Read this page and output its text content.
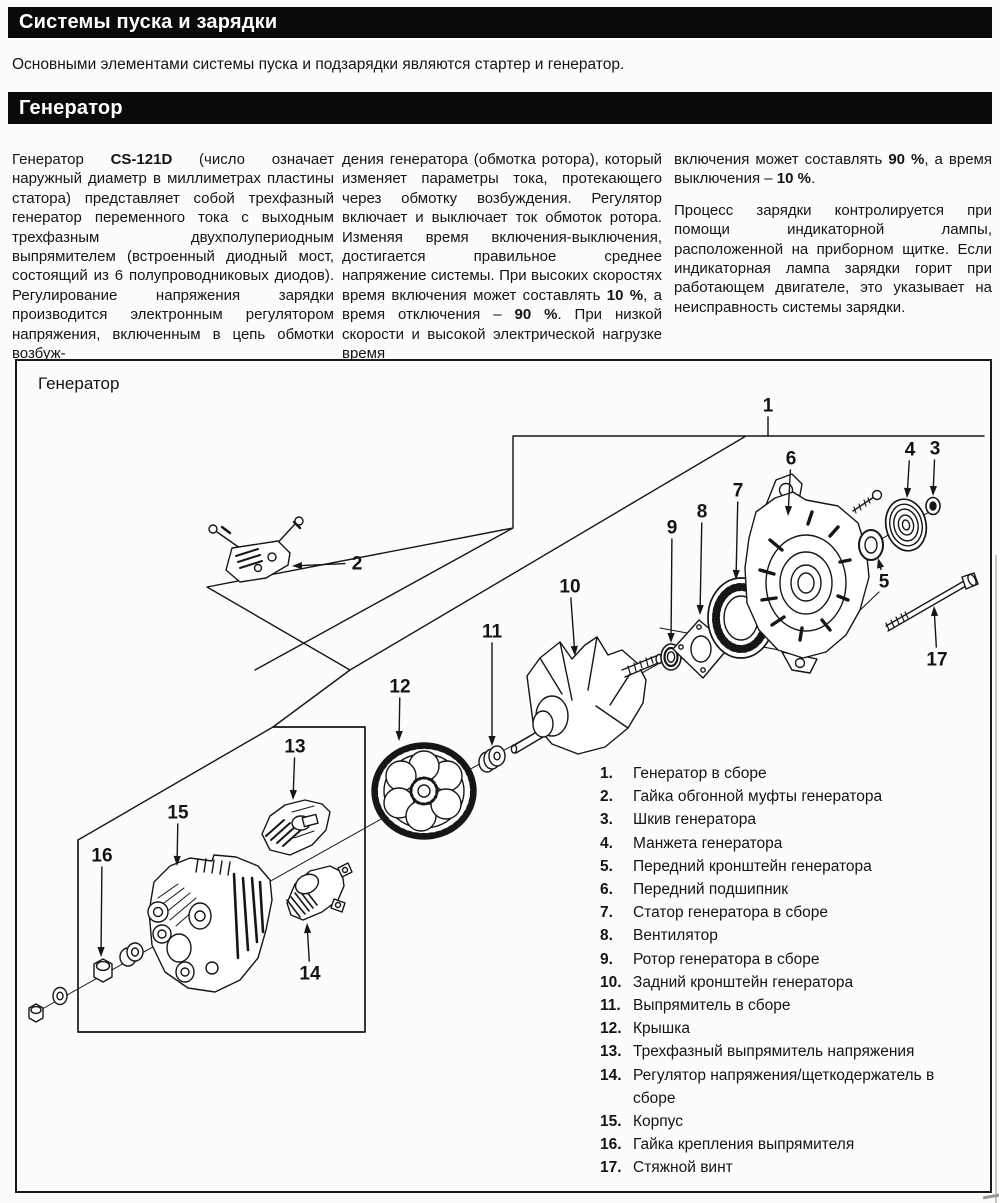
Системы пуска и зарядки
Основными элементами системы пуска и подзарядки являются стартер и генератор.
Генератор

Генератор CS-121D (число означает наружный диаметр в миллиметрах пластины статора) представляет собой трехфазный генератор переменного тока с выходным трехфазным двухполупериодным выпрямителем (встроенный диодный мост, состоящий из 6 полупроводниковых диодов). Регулирование напряжения зарядки производится электронным регулятором напряжения, включенным в цепь обмотки возбуж-

дения генератора (обмотка ротора), который изменяет параметры тока, протекающего через обмотку возбуждения. Регулятор включает и выключает ток обмоток ротора. Изменяя время включения-выключения, достигается правильное среднее напряжение системы. При высоких скоростях время включения может составлять 10 %, а время отключения – 90 %. При низкой скорости и высокой электрической нагрузке время

включения может составлять 90 %, а время выключения – 10 %.

Процесс зарядки контролируется при помощи индикаторной лампы, расположенной на приборном щитке. Если индикаторная лампа зарядки горит при работающем двигателе, это указывает на неисправность системы зарядки.

1
2
3
4
5
6
7
8
9
10
11
12
13
14
15
16
17
Генератор
1.	Генератор в сборе
2.	Гайка обгонной муфты генератора
3.	Шкив генератора
4.	Манжета генератора
5.	Передний кронштейн генератора
6.	Передний подшипник
7.	Статор генератора в сборе
8.	Вентилятор
9.	Ротор генератора в сборе
10. Задний кронштейн генератора
11. Выпрямитель в сборе
12. Крышка
13. Трехфазный выпрямитель напряжения
14. Регулятор напряжения/щеткодержатель в сборе
15. Корпус
16. Гайка крепления выпрямителя
17. Стяжной винт
